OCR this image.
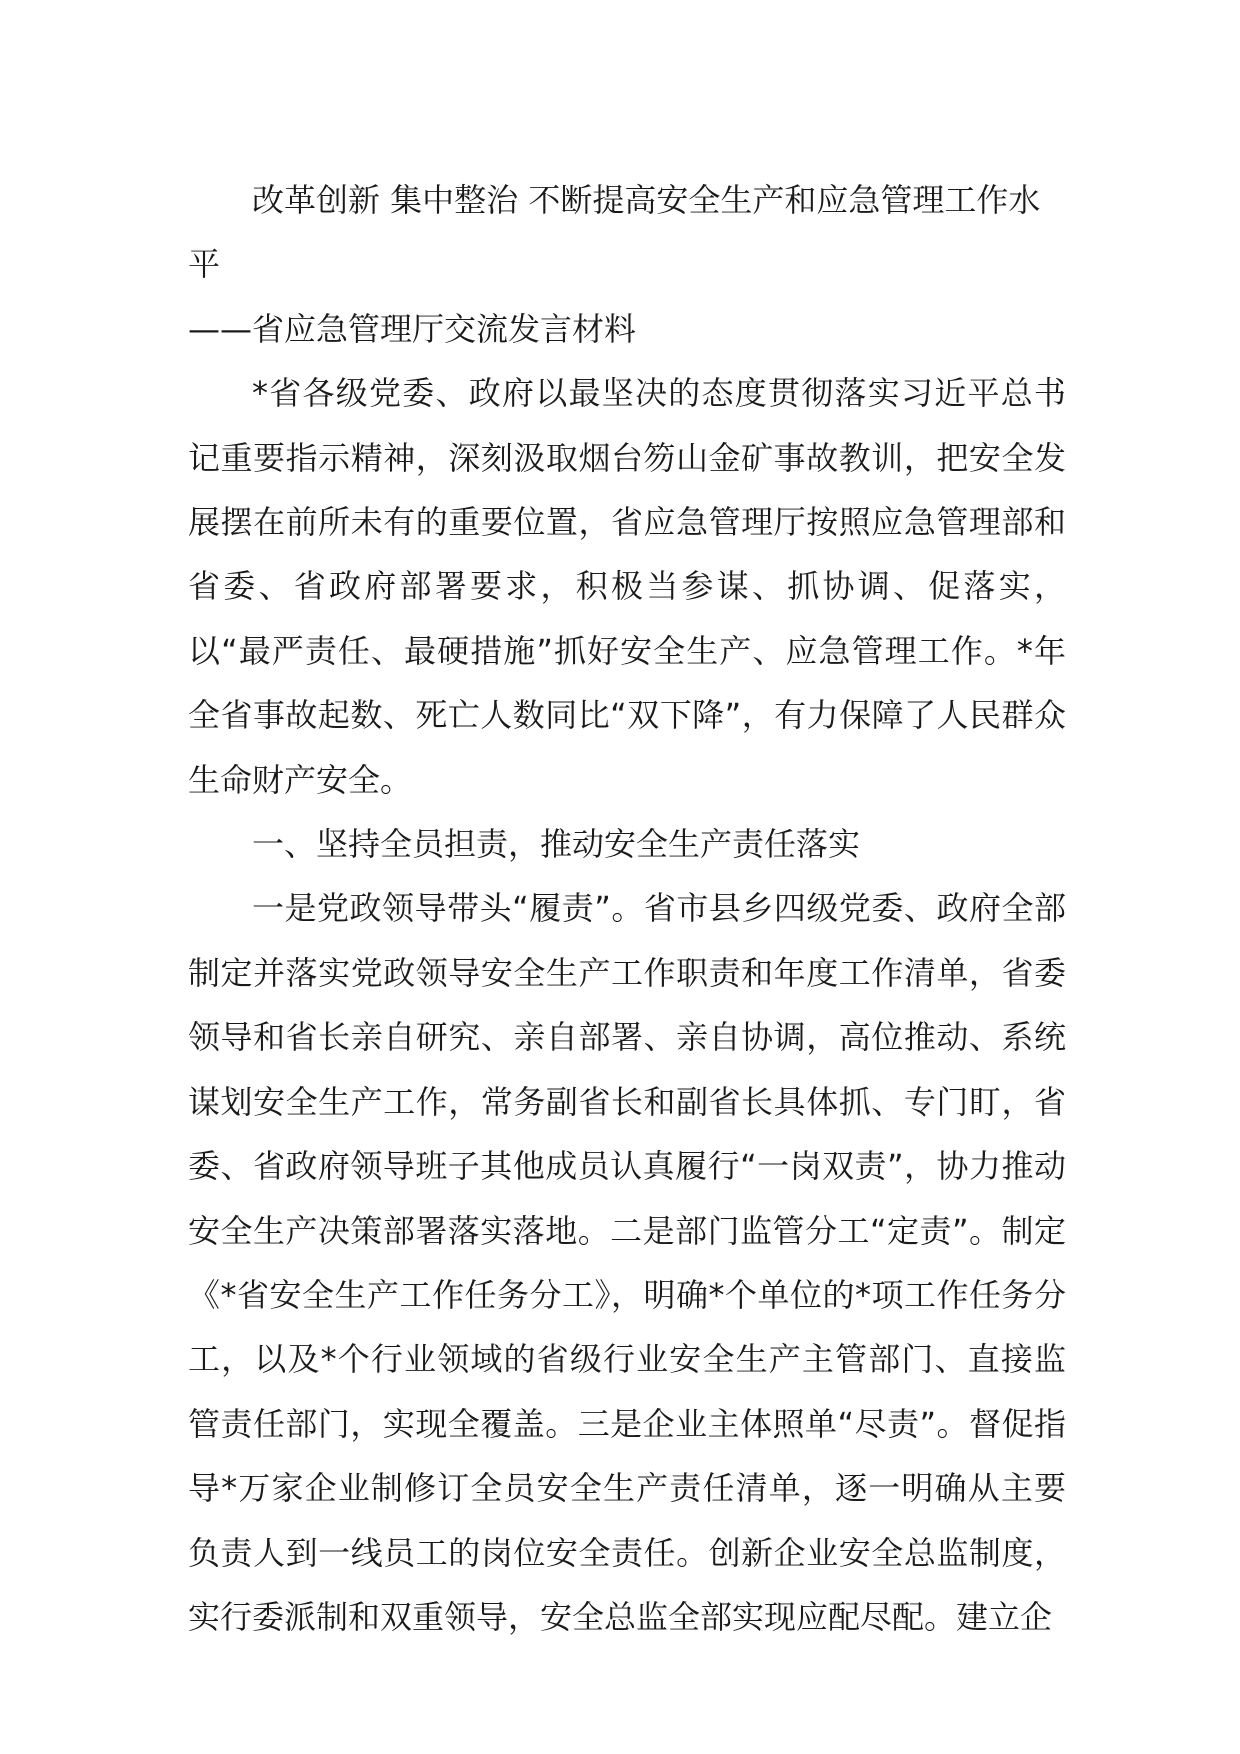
改革创新 集中整治 不断提高安全生产和应急管理工作水平

——省应急管理厅交流发言材料

*省各级党委、政府以最坚决的态度贯彻落实习近平总书记重要指示精神，深刻汲取烟台笏山金矿事故教训，把安全发展摆在前所未有的重要位置，省应急管理厅按照应急管理部和省委、省政府部署要求，积极当参谋、抓协调、促落实，以“最严责任、最硬措施”抓好安全生产、应急管理工作。*年全省事故起数、死亡人数同比“双下降”，有力保障了人民群众生命财产安全。

一、坚持全员担责，推动安全生产责任落实

一是党政领导带头“履责”。省市县乡四级党委、政府全部制定并落实党政领导安全生产工作职责和年度工作清单，省委领导和省长亲自研究、亲自部署、亲自协调，高位推动、系统谋划安全生产工作，常务副省长和副省长具体抓、专门盯，省委、省政府领导班子其他成员认真履行“一岗双责”，协力推动安全生产决策部署落实落地。二是部门监管分工“定责”。制定《*省安全生产工作任务分工》，明确*个单位的*项工作任务分工，以及*个行业领域的省级行业安全生产主管部门、直接监管责任部门，实现全覆盖。三是企业主体照单“尽责”。督促指导*万家企业制修订全员安全生产责任清单，逐一明确从主要负责人到一线员工的岗位安全责任。创新企业安全总监制度，实行委派制和双重领导，安全总监全部实现应配尽配。建立企
